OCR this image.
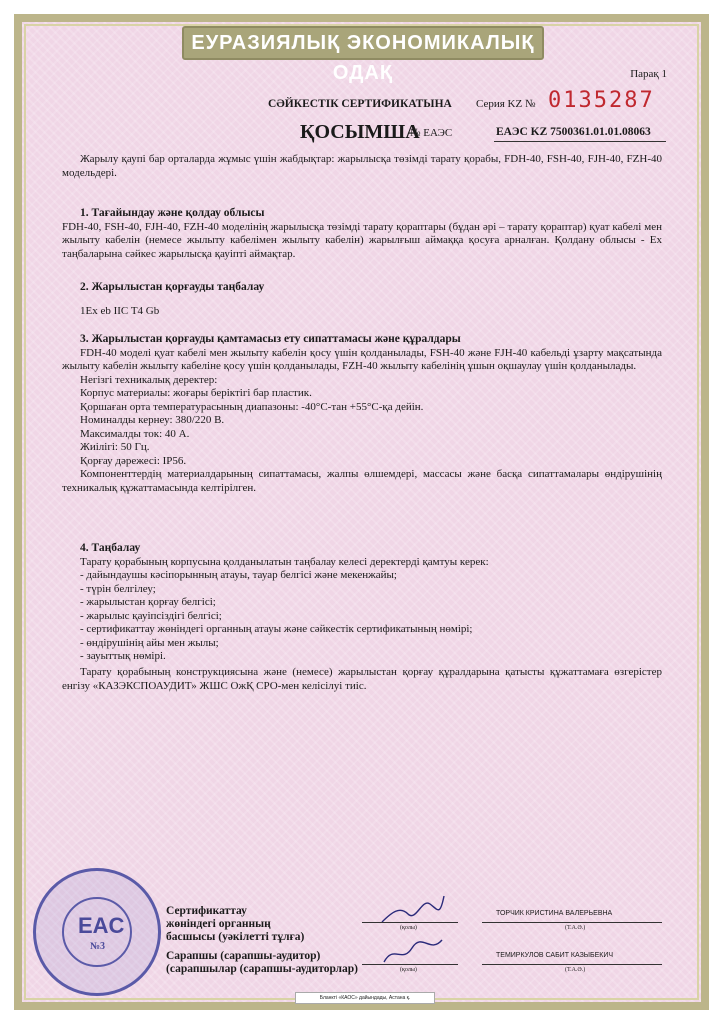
ЕУРАЗИЯЛЫҚ ЭКОНОМИКАЛЫҚ ОДАҚ	Парақ 1
СӘЙКЕСТІК СЕРТИФИКАТЫНА Серия KZ № 0135287
ҚОСЫМША
№ ЕАЭС	ЕАЭС KZ 7500361.01.01.08063

Жарылу қаупі бар орталарда жұмыс үшін жабдықтар: жарылысқа төзімді тарату қорабы, FDH-40, FSH-40, FJH-40, FZH-40 модельдері.

1. Тағайындау және қолдау облысы

FDH-40, FSH-40, FJH-40, FZH-40 моделінің жарылысқа төзімді тарату қораптары (бұдан әрі – тарату қораптар) қуат кабелі мен жылыту кабелін (немесе жылыту кабелімен жылыту кабелін) жарылғыш аймаққа қосуға арналған. Қолдану облысы - Ex таңбаларына сәйкес жарылысқа қауіпті аймақтар.

2. Жарылыстан қорғауды таңбалау

1Ex eb IIC T4 Gb

3. Жарылыстан қорғауды қамтамасыз ету сипаттамасы және құралдары

FDH-40 моделі қуат кабелі мен жылыту кабелін қосу үшін қолданылады, FSH-40 және FJH-40 кабельді ұзарту мақсатында жылыту кабелін жылыту кабеліне қосу үшін қолданылады, FZH-40 жылыту кабелінің ұшын оқшаулау үшін қолданылады.

Негізгі техникалық деректер:

Корпус материалы: жоғары беріктігі бар пластик.

Қоршаған орта температурасының диапазоны: -40°C-тан +55°C-қа дейін.

Номиналды кернеу: 380/220 В.

Максималды ток: 40 А.

Жиілігі: 50 Гц.

Қорғау дәрежесі: IP56.

Компоненттердің материалдарының сипаттамасы, жалпы өлшемдері, массасы және басқа сипаттамалары өндірушінің техникалық құжаттамасында келтірілген.

4. Таңбалау

Тарату қорабының корпусына қолданылатын таңбалау келесі деректерді қамтуы керек:

- дайындаушы кәсіпорынның атауы, тауар белгісі және мекенжайы;

- түрін белгілеу;

- жарылыстан қорғау белгісі;

- жарылыс қауіпсіздігі белгісі;

- сертификаттау жөніндегі органның атауы және сәйкестік сертификатының нөмірі;

- өндірушінің айы мен жылы;

- зауыттық нөмірі.

Тарату қорабының конструкциясына және (немесе) жарылыстан қорғау құралдарына қатысты құжаттамаға өзгерістер енгізу «КАЗЭКСПОАУДИТ» ЖШС ОжҚ СРО-мен келісілуі тиіс.

Сертификаттау
жөніндегі органның
басшысы (уәкілетті тұлға)
(қолы)
ТОРЧИК КРИСТИНА ВАЛЕРЬЕВНА
(Т.А.Ә.)
Сарапшы (сарапшы-аудитор)
(сарапшылар (сарапшы-аудиторлар)	(қолы)
ТЕМИРКУЛОВ САБИТ КАЗЫБЕКИЧ
(Т.А.Ә.)
EAC
№3
Бланкті «КАОС» дайындады, Астана қ.
